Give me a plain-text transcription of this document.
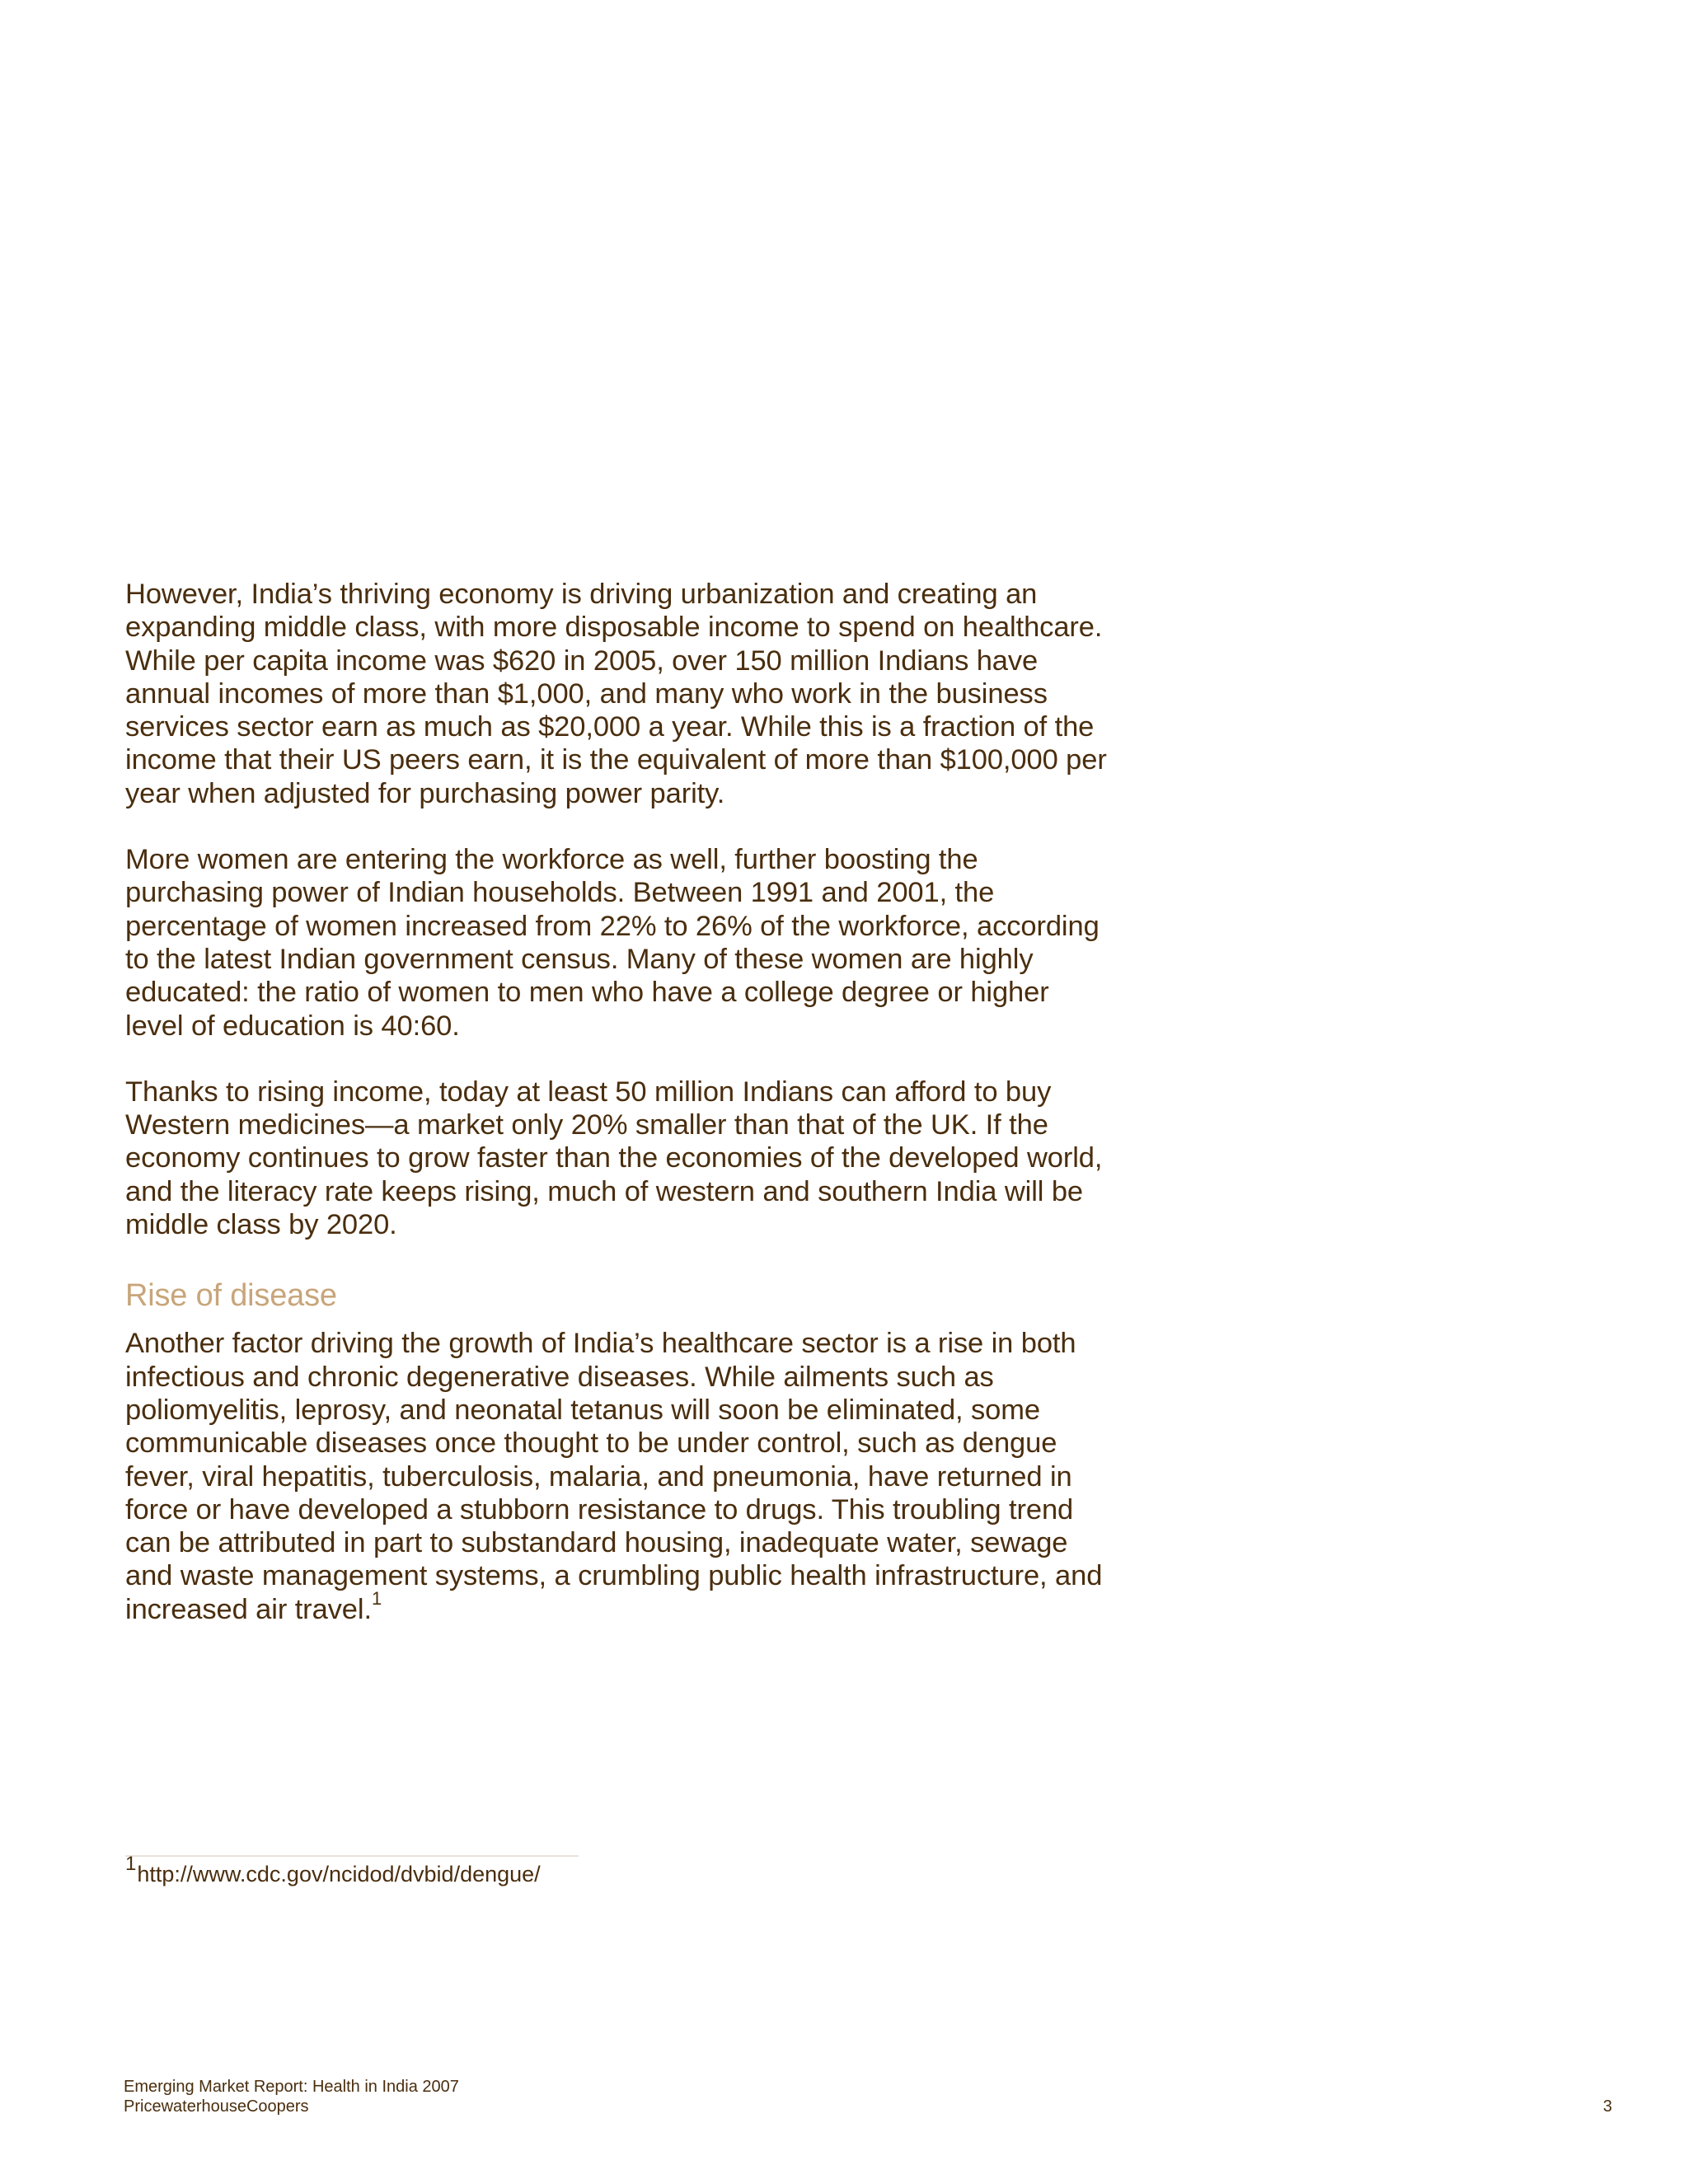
However, India’s thriving economy is driving urbanization and creating an expanding middle class, with more disposable income to spend on healthcare. While per capita income was $620 in 2005, over 150 million Indians have annual incomes of more than $1,000, and many who work in the business services sector earn as much as $20,000 a year. While this is a fraction of the income that their US peers earn, it is the equivalent of more than $100,000 per year when adjusted for purchasing power parity.

More women are entering the workforce as well, further boosting the purchasing power of Indian households. Between 1991 and 2001, the percentage of women increased from 22% to 26% of the workforce, according to the latest Indian government census. Many of these women are highly educated: the ratio of women to men who have a college degree or higher level of education is 40:60.

Thanks to rising income, today at least 50 million Indians can afford to buy Western medicines—a market only 20% smaller than that of the UK. If the economy continues to grow faster than the economies of the developed world, and the literacy rate keeps rising, much of western and southern India will be middle class by 2020.

Rise of disease

Another factor driving the growth of India’s healthcare sector is a rise in both infectious and chronic degenerative diseases. While ailments such as poliomyelitis, leprosy, and neonatal tetanus will soon be eliminated, some communicable diseases once thought to be under control, such as dengue fever, viral hepatitis, tuberculosis, malaria, and pneumonia, have returned in force or have developed a stubborn resistance to drugs. This troubling trend can be attributed in part to substandard housing, inadequate water, sewage and waste management systems, a crumbling public health infrastructure, and increased air travel.$^1$

1http://www.cdc.gov/ncidod/dvbid/dengue/
Emerging Market Report: Health in India 2007
PricewaterhouseCoopers	3
